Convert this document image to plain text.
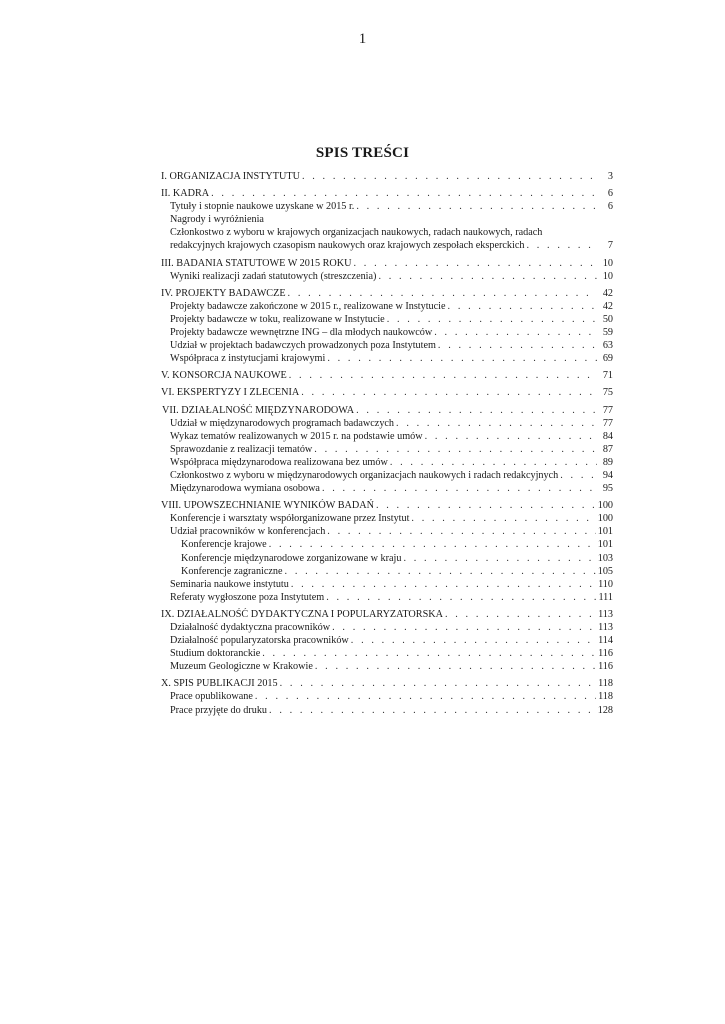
1
SPIS TREŚCI
I. ORGANIZACJA INSTYTUTU . . .	3
II. KADRA . . .	6
Tytuły i stopnie naukowe uzyskane w 2015 r. . . .	6
Nagrody i wyróżnienia
Członkostwo z wyboru w krajowych organizacjach naukowych, radach naukowych, radach
redakcyjnych krajowych czasopism naukowych oraz krajowych zespołach eksperckich . . .	7
III. BADANIA STATUTOWE W 2015 ROKU . . .	10
Wyniki realizacji zadań statutowych (streszczenia) . . .	10
IV. PROJEKTY BADAWCZE . . .	42
Projekty badawcze zakończone w 2015 r., realizowane w Instytucie . . .	42
Projekty badawcze w toku, realizowane w Instytucie . . .	50
Projekty badawcze wewnętrzne ING – dla młodych naukowców . . .	59
Udział w projektach badawczych prowadzonych poza Instytutem . . .	63
Współpraca z instytucjami krajowymi . . .	69
V. KONSORCJA NAUKOWE . . .	71
VI. EKSPERTYZY I ZLECENIA . . .	75
VII. DZIAŁALNOŚĆ MIĘDZYNARODOWA . . .	77
Udział w międzynarodowych programach badawczych . . .	77
Wykaz tematów realizowanych w 2015 r. na podstawie umów . . .	84
Sprawozdanie z realizacji tematów . . .	87
Współpraca międzynarodowa realizowana bez umów . . .	89
Członkostwo z wyboru w międzynarodowych organizacjach naukowych i radach redakcyjnych . . .	94
Międzynarodowa wymiana osobowa . . .	95
VIII. UPOWSZECHNIANIE WYNIKÓW BADAŃ . . .	100
Konferencje i warsztaty współorganizowane przez Instytut . . .	100
Udział pracowników w konferencjach . . .	101
Konferencje krajowe . . .	101
Konferencje międzynarodowe zorganizowane w kraju . . .	103
Konferencje zagraniczne . . .	105
Seminaria naukowe instytutu . . .	110
Referaty wygłoszone poza Instytutem . . .	111
IX. DZIAŁALNOŚĆ DYDAKTYCZNA I POPULARYZATORSKA . . .	113
Działalność dydaktyczna pracowników . . .	113
Działalność popularyzatorska pracowników . . .	114
Studium doktoranckie . . .	116
Muzeum Geologiczne w Krakowie . . .	116
X. SPIS PUBLIKACJI 2015 . . .	118
Prace opublikowane . . .	118
Prace przyjęte do druku . . .	128
